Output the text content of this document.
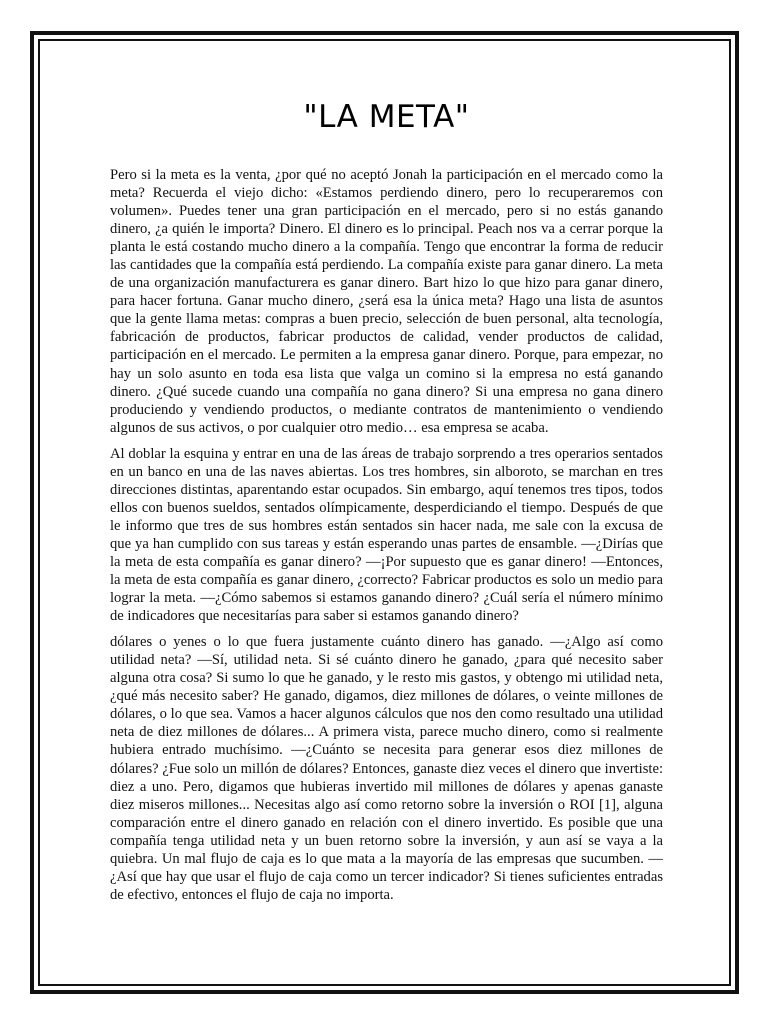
"LA META"

Pero si la meta es la venta, ¿por qué no aceptó Jonah la participación en el mercado como la meta? Recuerda el viejo dicho: «Estamos perdiendo dinero, pero lo recuperaremos con volumen». Puedes tener una gran participación en el mercado, pero si no estás ganando dinero, ¿a quién le importa? Dinero. El dinero es lo principal. Peach nos va a cerrar porque la planta le está costando mucho dinero a la compañía. Tengo que encontrar la forma de reducir las cantidades que la compañía está perdiendo. La compañía existe para ganar dinero. La meta de una organización manufacturera es ganar dinero. Bart hizo lo que hizo para ganar dinero, para hacer fortuna. Ganar mucho dinero, ¿será esa la única meta? Hago una lista de asuntos que la gente llama metas: compras a buen precio, selección de buen personal, alta tecnología, fabricación de productos, fabricar productos de calidad, vender productos de calidad, participación en el mercado. Le permiten a la empresa ganar dinero. Porque, para empezar, no hay un solo asunto en toda esa lista que valga un comino si la empresa no está ganando dinero. ¿Qué sucede cuando una compañía no gana dinero? Si una empresa no gana dinero produciendo y vendiendo productos, o mediante contratos de mantenimiento o vendiendo algunos de sus activos, o por cualquier otro medio… esa empresa se acaba.

Al doblar la esquina y entrar en una de las áreas de trabajo sorprendo a tres operarios sentados en un banco en una de las naves abiertas. Los tres hombres, sin alboroto, se marchan en tres direcciones distintas, aparentando estar ocupados. Sin embargo, aquí tenemos tres tipos, todos ellos con buenos sueldos, sentados olímpicamente, desperdiciando el tiempo. Después de que le informo que tres de sus hombres están sentados sin hacer nada, me sale con la excusa de que ya han cumplido con sus tareas y están esperando unas partes de ensamble. —¿Dirías que la meta de esta compañía es ganar dinero? —¡Por supuesto que es ganar dinero! —Entonces, la meta de esta compañía es ganar dinero, ¿correcto? Fabricar productos es solo un medio para lograr la meta. —¿Cómo sabemos si estamos ganando dinero? ¿Cuál sería el número mínimo de indicadores que necesitarías para saber si estamos ganando dinero?

dólares o yenes o lo que fuera justamente cuánto dinero has ganado. —¿Algo así como utilidad neta? —Sí, utilidad neta. Si sé cuánto dinero he ganado, ¿para qué necesito saber alguna otra cosa? Si sumo lo que he ganado, y le resto mis gastos, y obtengo mi utilidad neta, ¿qué más necesito saber? He ganado, digamos, diez millones de dólares, o veinte millones de dólares, o lo que sea. Vamos a hacer algunos cálculos que nos den como resultado una utilidad neta de diez millones de dólares... A primera vista, parece mucho dinero, como si realmente hubiera entrado muchísimo. —¿Cuánto se necesita para generar esos diez millones de dólares? ¿Fue solo un millón de dólares? Entonces, ganaste diez veces el dinero que invertiste: diez a uno. Pero, digamos que hubieras invertido mil millones de dólares y apenas ganaste diez miseros millones... Necesitas algo así como retorno sobre la inversión o ROI [1], alguna comparación entre el dinero ganado en relación con el dinero invertido. Es posible que una compañía tenga utilidad neta y un buen retorno sobre la inversión, y aun así se vaya a la quiebra. Un mal flujo de caja es lo que mata a la mayoría de las empresas que sucumben. —¿Así que hay que usar el flujo de caja como un tercer indicador? Si tienes suficientes entradas de efectivo, entonces el flujo de caja no importa.
